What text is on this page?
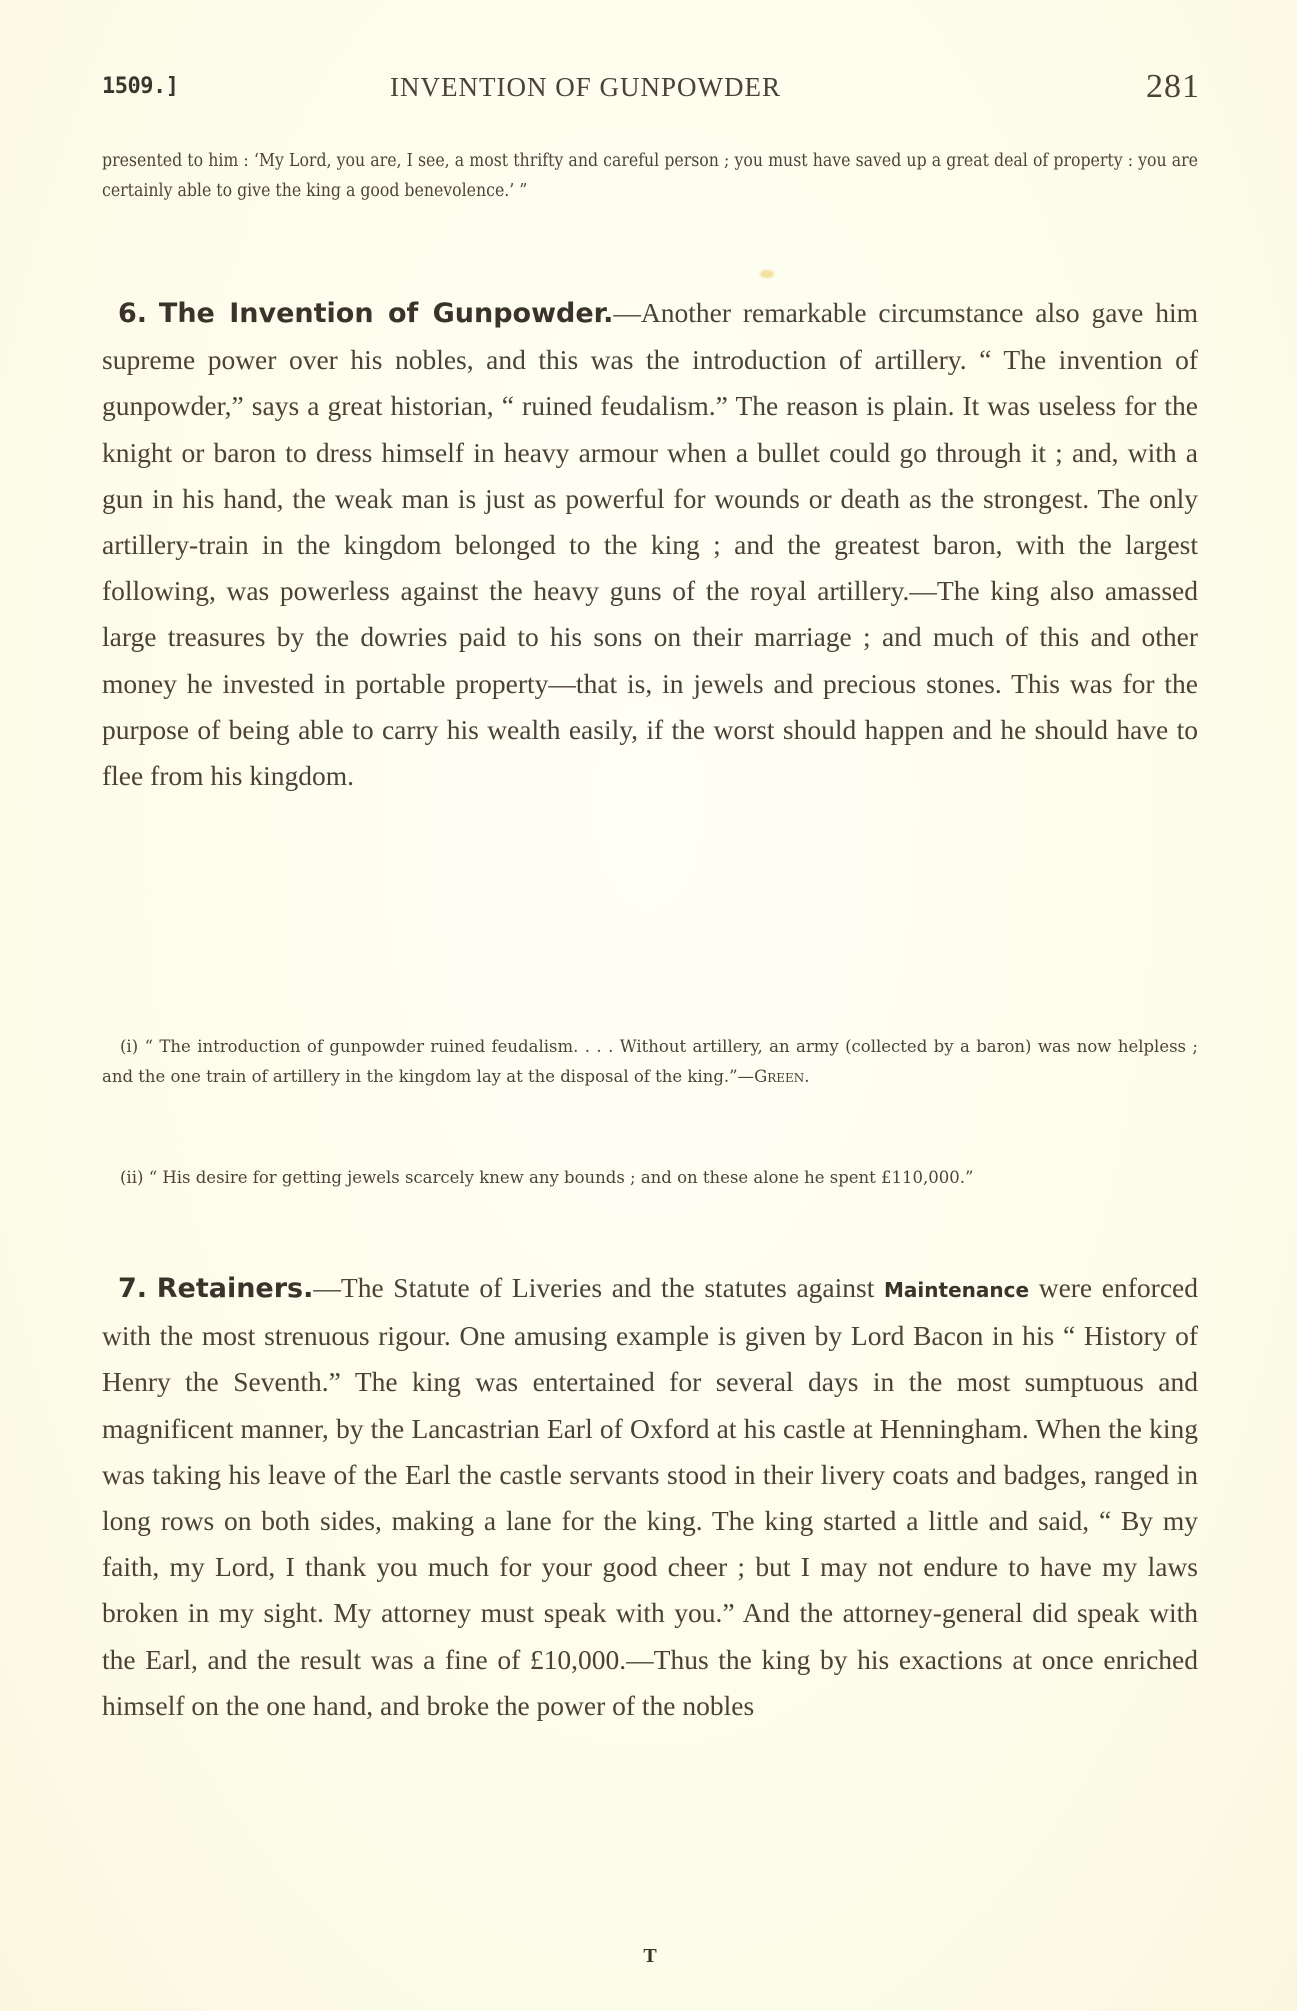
1509.]	INVENTION OF GUNPOWDER	281

presented to him : ‘My Lord, you are, I see, a most thrifty and careful person ; you must have saved up a great deal of property : you are certainly able to give the king a good benevolence.’ ”

6. The Invention of Gunpowder.—Another remarkable circumstance also gave him supreme power over his nobles, and this was the introduction of artillery. “ The invention of gunpowder,” says a great historian, “ ruined feudalism.” The reason is plain. It was useless for the knight or baron to dress himself in heavy armour when a bullet could go through it ; and, with a gun in his hand, the weak man is just as powerful for wounds or death as the strongest. The only artillery-train in the kingdom belonged to the king ; and the greatest baron, with the largest following, was powerless against the heavy guns of the royal artillery.—The king also amassed large treasures by the dowries paid to his sons on their marriage ; and much of this and other money he invested in portable property—that is, in jewels and precious stones. This was for the purpose of being able to carry his wealth easily, if the worst should happen and he should have to flee from his kingdom.

(i) “ The introduction of gunpowder ruined feudalism. . . . Without artillery, an army (collected by a baron) was now helpless ; and the one train of artillery in the kingdom lay at the disposal of the king.”—Green.

(ii) “ His desire for getting jewels scarcely knew any bounds ; and on these alone he spent £110,000.”

7. Retainers.—The Statute of Liveries and the statutes against Maintenance were enforced with the most strenuous rigour. One amusing example is given by Lord Bacon in his “ History of Henry the Seventh.” The king was entertained for several days in the most sumptuous and magnificent manner, by the Lancastrian Earl of Oxford at his castle at Henningham. When the king was taking his leave of the Earl the castle servants stood in their livery coats and badges, ranged in long rows on both sides, making a lane for the king. The king started a little and said, “ By my faith, my Lord, I thank you much for your good cheer ; but I may not endure to have my laws broken in my sight. My attorney must speak with you.” And the attorney-general did speak with the Earl, and the result was a fine of £10,000.—Thus the king by his exactions at once enriched himself on the one hand, and broke the power of the nobles

T
